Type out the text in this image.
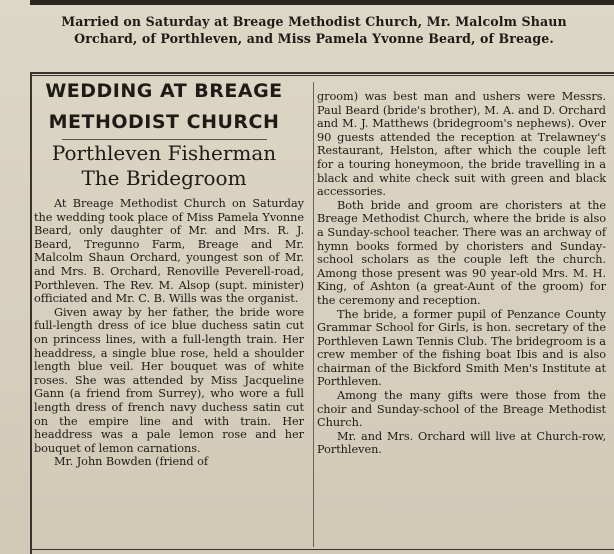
Married on Saturday at Breage Methodist Church, Mr. Malcolm Shaun Orchard, of Porthleven, and Miss Pamela Yvonne Beard, of Breage.
WEDDING AT BREAGE
METHODIST CHURCH
Porthleven Fisherman
The Bridegroom

At Breage Methodist Church on Saturday the wedding took place of Miss Pamela Yvonne Beard, only daughter of Mr. and Mrs. R. J. Beard, Tregunno Farm, Breage and Mr. Malcolm Shaun Orchard, youngest son of Mr. and Mrs. B. Orchard, Renoville Peverell-road, Porthleven. The Rev. M. Alsop (supt. minister) officiated and Mr. C. B. Wills was the organist.

Given away by her father, the bride wore full-length dress of ice blue duchess satin cut on princess lines, with a full-length train. Her headdress, a single blue rose, held a shoulder length blue veil. Her bouquet was of white roses. She was attended by Miss Jacqueline Gann (a friend from Surrey), who wore a full length dress of french navy duchess satin cut on the empire line and with train. Her headdress was a pale lemon rose and her bouquet of lemon carnations.

Mr. John Bowden (friend of

groom) was best man and ushers were Messrs. Paul Beard (bride's brother), M. A. and D. Orchard and M. J. Matthews (bridegroom's nephews). Over 90 guests attended the reception at Trelawney's Restaurant, Helston, after which the couple left for a touring honeymoon, the bride travelling in a black and white check suit with green and black accessories.

Both bride and groom are choristers at the Breage Methodist Church, where the bride is also a Sunday-school teacher. There was an archway of hymn books formed by choristers and Sunday-school scholars as the couple left the church. Among those present was 90 year-old Mrs. M. H. King, of Ashton (a great-Aunt of the groom) for the ceremony and reception.

The bride, a former pupil of Penzance County Grammar School for Girls, is hon. secretary of the Porthleven Lawn Tennis Club. The bridegroom is a crew member of the fishing boat Ibis and is also chairman of the Bickford Smith Men's Institute at Porthleven.

Among the many gifts were those from the choir and Sunday-school of the Breage Methodist Church.

Mr. and Mrs. Orchard will live at Church-row, Porthleven.
